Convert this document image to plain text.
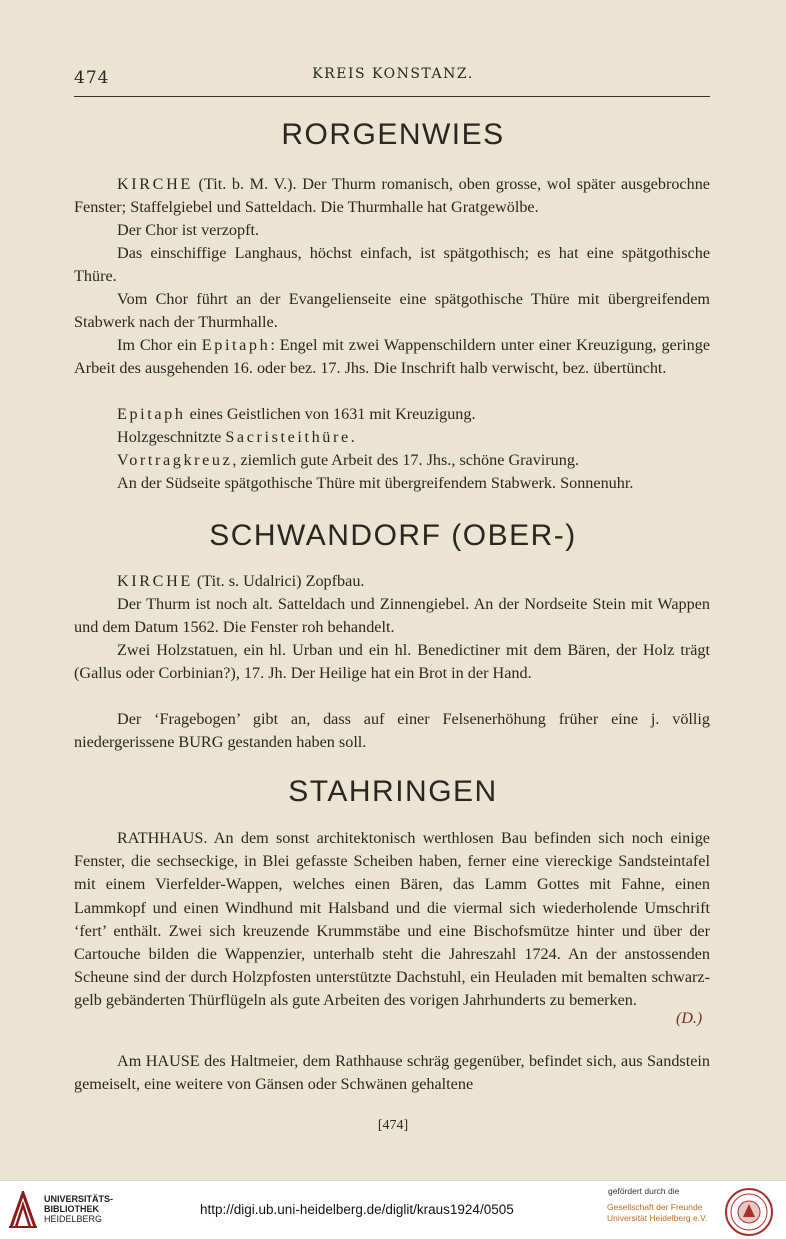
474	KREIS KONSTANZ.
RORGENWIES

KIRCHE (Tit. b. M. V.). Der Thurm romanisch, oben grosse, wol später ausgebrochne Fenster; Staffelgiebel und Satteldach. Die Thurmhalle hat Gratgewölbe.

Der Chor ist verzopft.

Das einschiffige Langhaus, höchst einfach, ist spätgothisch; es hat eine spätgothische Thüre.

Vom Chor führt an der Evangelienseite eine spätgothische Thüre mit übergreifendem Stabwerk nach der Thurmhalle.

Im Chor ein Epitaph: Engel mit zwei Wappenschildern unter einer Kreuzigung, geringe Arbeit des ausgehenden 16. oder bez. 17. Jhs. Die Inschrift halb verwischt, bez. übertüncht.

Epitaph eines Geistlichen von 1631 mit Kreuzigung.

Holzgeschnitzte Sacristeithüre.

Vortragkreuz, ziemlich gute Arbeit des 17. Jhs., schöne Gravirung.

An der Südseite spätgothische Thüre mit übergreifendem Stabwerk. Sonnenuhr.

SCHWANDORF (OBER-)

KIRCHE (Tit. s. Udalrici) Zopfbau.

Der Thurm ist noch alt. Satteldach und Zinnengiebel. An der Nordseite Stein mit Wappen und dem Datum 1562. Die Fenster roh behandelt.

Zwei Holzstatuen, ein hl. Urban und ein hl. Benedictiner mit dem Bären, der Holz trägt (Gallus oder Corbinian?), 17. Jh. Der Heilige hat ein Brot in der Hand.

Der ‘Fragebogen’ gibt an, dass auf einer Felsenerhöhung früher eine j. völlig niedergerissene BURG gestanden haben soll.

STAHRINGEN

RATHHAUS. An dem sonst architektonisch werthlosen Bau befinden sich noch einige Fenster, die sechseckige, in Blei gefasste Scheiben haben, ferner eine viereckige Sandsteintafel mit einem Vierfelder-Wappen, welches einen Bären, das Lamm Gottes mit Fahne, einen Lammkopf und einen Windhund mit Halsband und die viermal sich wiederholende Umschrift ‘fert’ enthält. Zwei sich kreuzende Krummstäbe und eine Bischofsmütze hinter und über der Cartouche bilden die Wappenzier, unterhalb steht die Jahreszahl 1724. An der anstossenden Scheune sind der durch Holzpfosten unterstützte Dachstuhl, ein Heuladen mit bemalten schwarz-gelb gebänderten Thürflügeln als gute Arbeiten des vorigen Jahrhunderts zu bemerken.

(D.)

Am HAUSE des Haltmeier, dem Rathhause schräg gegenüber, befindet sich, aus Sandstein gemeiselt, eine weitere von Gänsen oder Schwänen gehaltene

[474]
UNIVERSITÄTS-
BIBLIOTHEK
HEIDELBERG
http://digi.ub.uni-heidelberg.de/diglit/kraus1924/0505
gefördert durch die
Gesellschaft der Freunde
Universität Heidelberg e.V.
